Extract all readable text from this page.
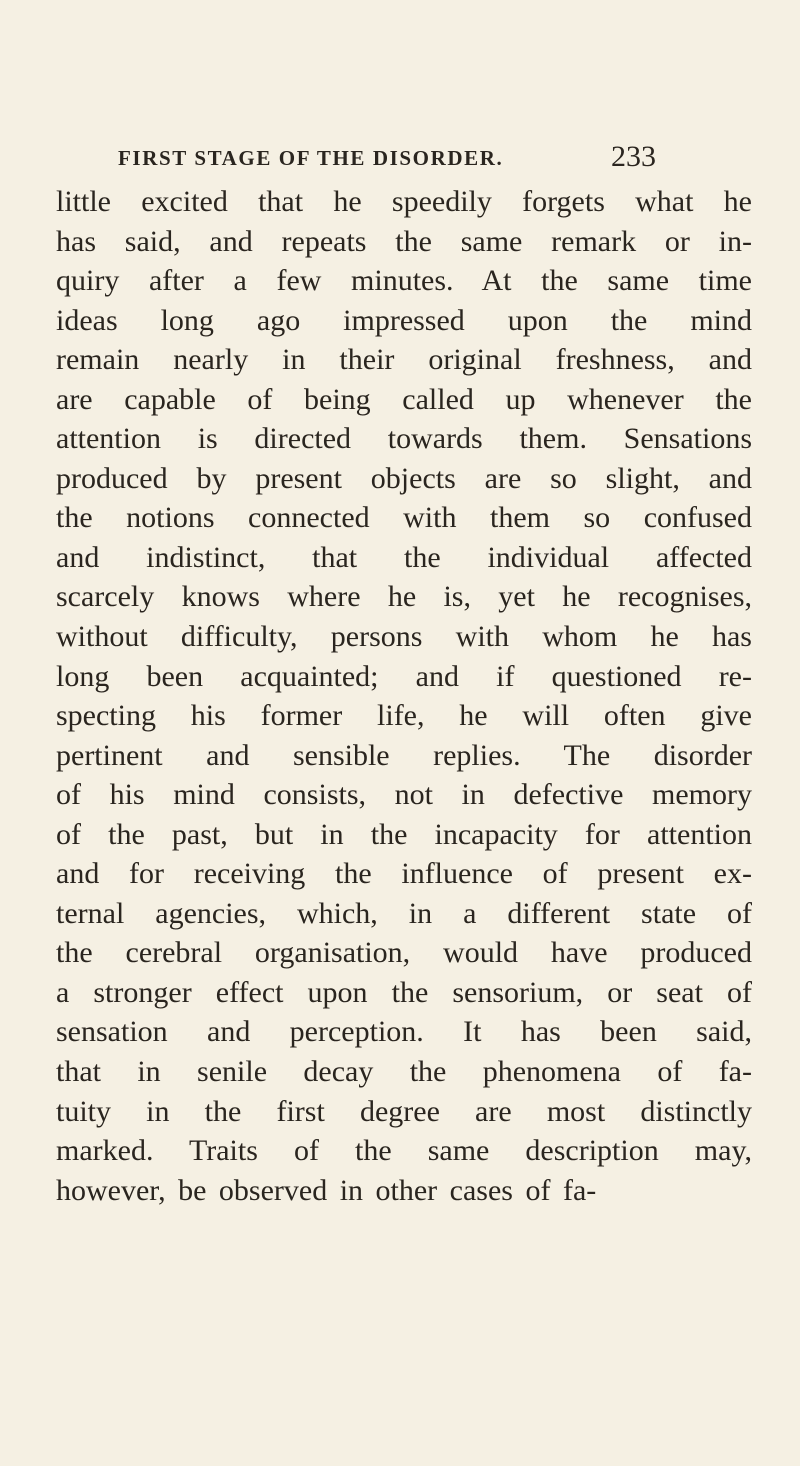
FIRST STAGE OF THE DISORDER.	233
little excited that he speedily forgets what he
has said, and repeats the same remark or in-
quiry after a few minutes. At the same time
ideas long ago impressed upon the mind
remain nearly in their original freshness, and
are capable of being called up whenever the
attention is directed towards them. Sensations
produced by present objects are so slight, and
the notions connected with them so confused
and indistinct, that the individual affected
scarcely knows where he is, yet he recognises,
without difficulty, persons with whom he has
long been acquainted; and if questioned re-
specting his former life, he will often give
pertinent and sensible replies. The disorder
of his mind consists, not in defective memory
of the past, but in the incapacity for attention
and for receiving the influence of present ex-
ternal agencies, which, in a different state of
the cerebral organisation, would have produced
a stronger effect upon the sensorium, or seat of
sensation and perception. It has been said,
that in senile decay the phenomena of fa-
tuity in the first degree are most distinctly
marked. Traits of the same description may,
however, be observed in other cases of fa-
